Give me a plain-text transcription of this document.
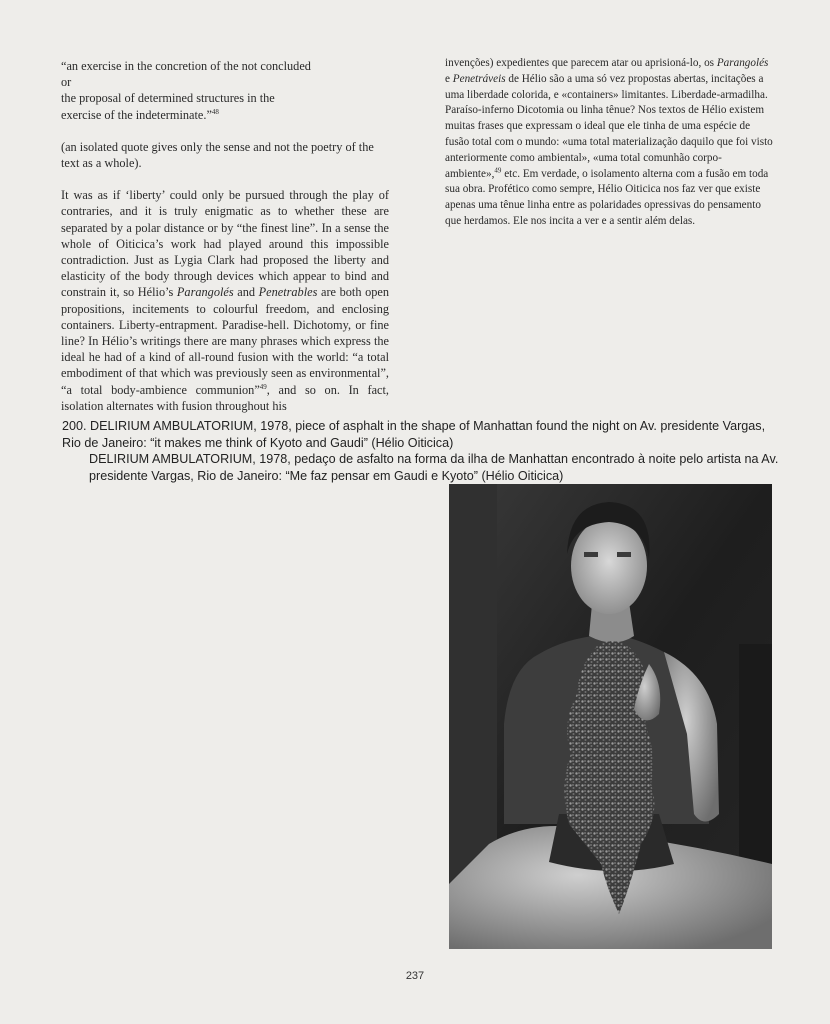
“an exercise in the concretion of the not concluded

or

the proposal of determined structures in the

exercise of the indeterminate.”$^{48}$

(an isolated quote gives only the sense and not the poetry of the text as a whole).

It was as if ‘liberty’ could only be pursued through the play of contraries, and it is truly enigmatic as to whether these are separated by a polar distance or by “the finest line”. In a sense the whole of Oiticica’s work had played around this impossible contradiction. Just as Lygia Clark had proposed the liberty and elasticity of the body through devices which appear to bind and constrain it, so Hélio’s Parangolés and Penetrables are both open propositions, incitements to colourful freedom, and enclosing containers. Liberty-entrapment. Paradise-hell. Dichotomy, or fine line? In Hélio’s writings there are many phrases which express the ideal he had of a kind of all-round fusion with the world: “a total embodiment of that which was previously seen as environmental”, “a total body-ambience communion”$^{49}$, and so on. In fact, isolation alternates with fusion throughout his

invenções) expedientes que parecem atar ou aprisioná-lo, os Parangolés e Penetráveis de Hélio são a uma só vez propostas abertas, incitações a uma liberdade colorida, e «containers» limitantes. Liberdade-armadilha. Paraíso-inferno Dicotomia ou linha tênue? Nos textos de Hélio existem muitas frases que expressam o ideal que ele tinha de uma espécie de fusão total com o mundo: «uma total materialização daquilo que foi visto anteriormente como ambiental», «uma total comunhão corpo-ambiente»,$^{49}$ etc. Em verdade, o isolamento alterna com a fusão em toda sua obra. Profético como sempre, Hélio Oiticica nos faz ver que existe apenas uma tênue linha entre as polaridades opressivas do pensamento que herdamos. Ele nos incita a ver e a sentir além delas.

200. DELIRIUM AMBULATORIUM, 1978, piece of asphalt in the shape of Manhattan found the night on Av. presidente Vargas, Rio de Janeiro: “it makes me think of Kyoto and Gaudi” (Hélio Oiticica)
DELIRIUM AMBULATORIUM, 1978, pedaço de asfalto na forma da ilha de Manhattan encontrado à noite pelo artista na Av. presidente Vargas, Rio de Janeiro: “Me faz pensar em Gaudi e Kyoto” (Hélio Oiticica)
237
